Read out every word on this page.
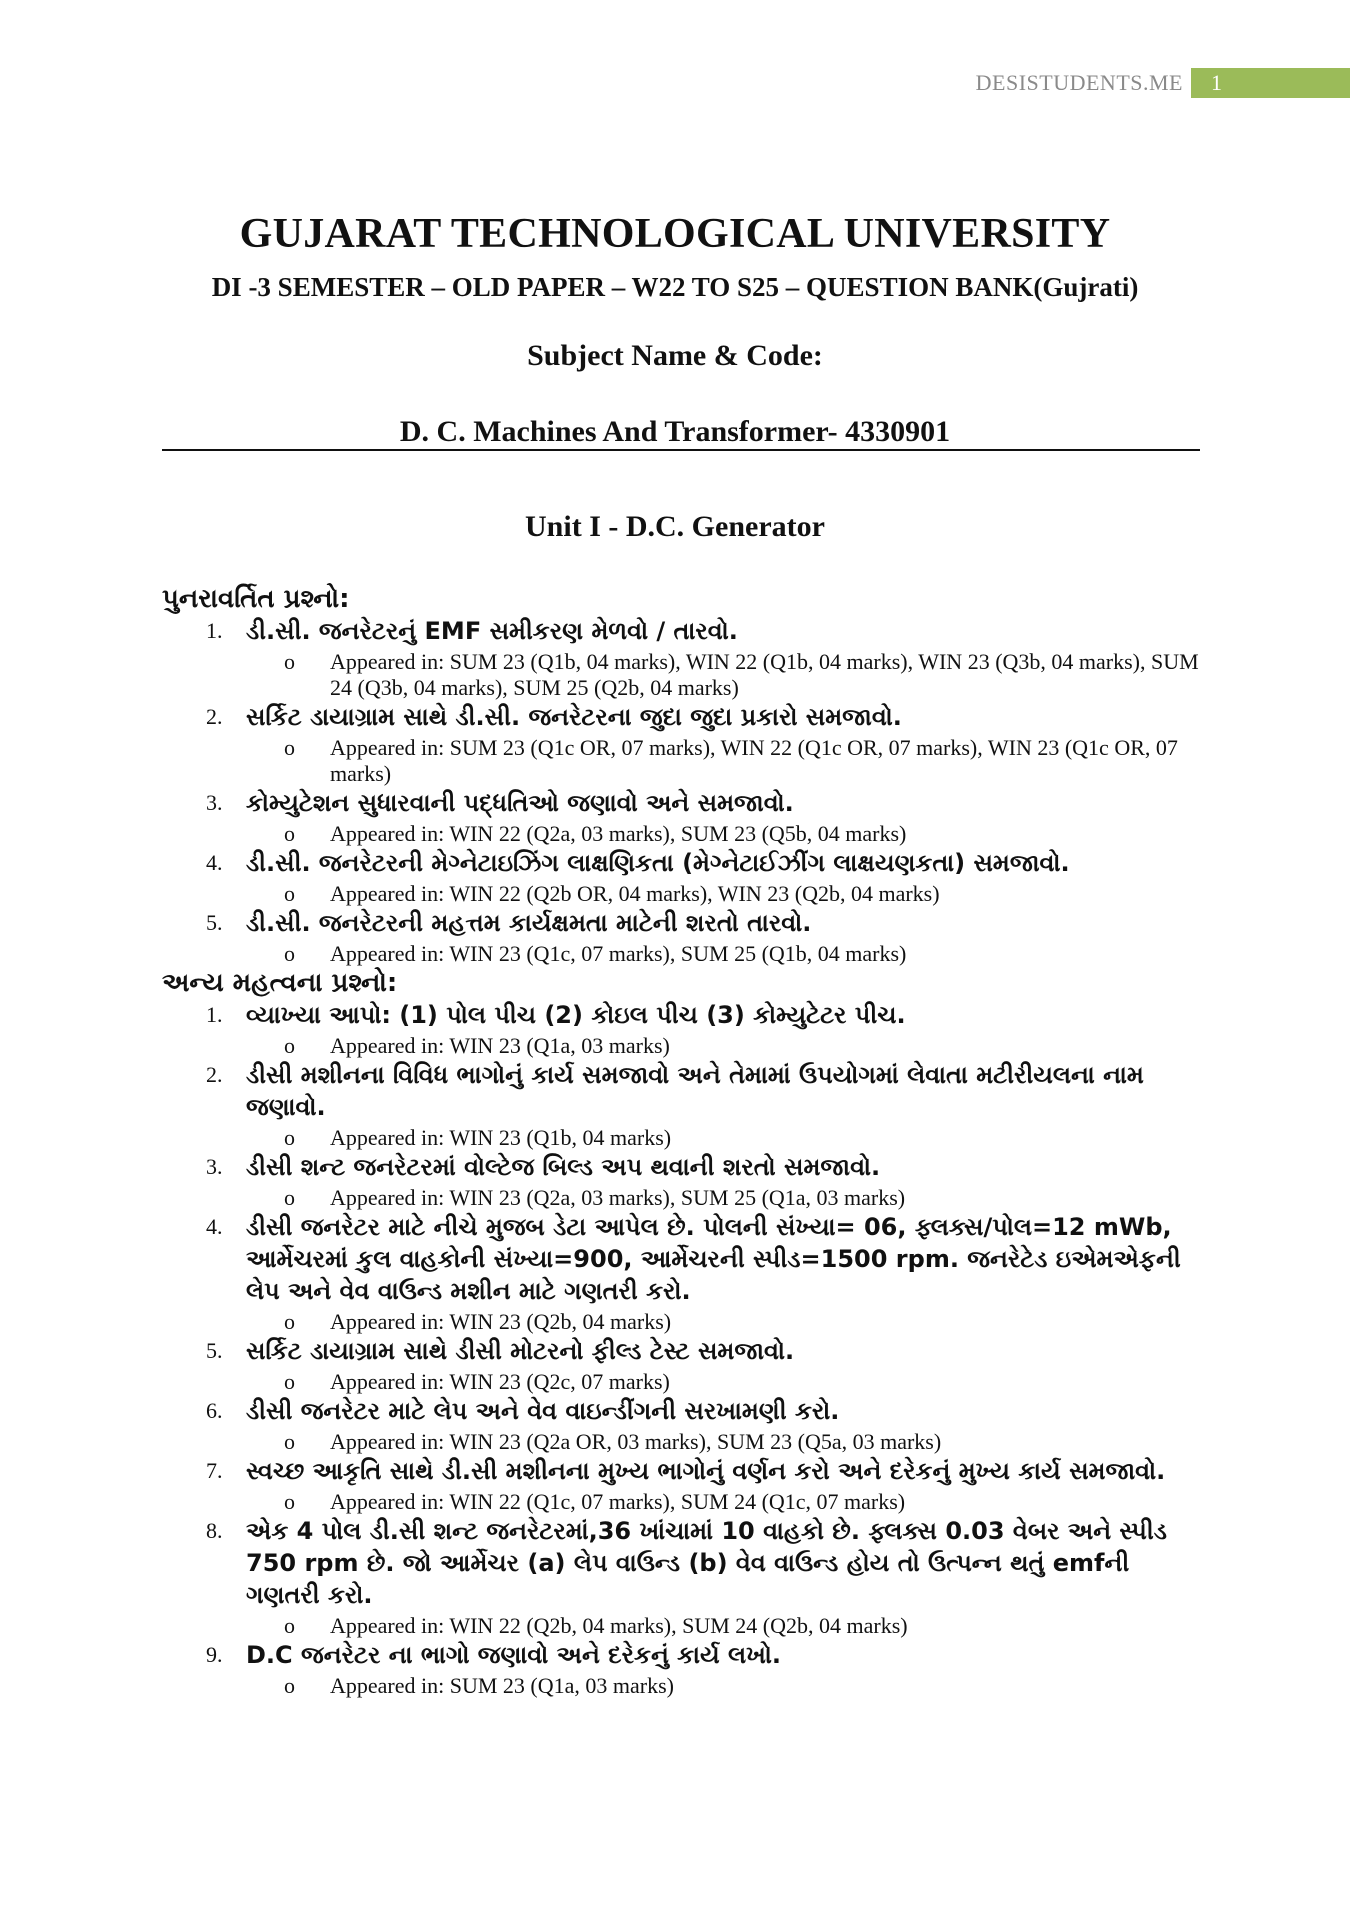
DESISTUDENTS.ME	1
GUJARAT TECHNOLOGICAL UNIVERSITY
DI -3 SEMESTER – OLD PAPER – W22 TO S25 – QUESTION BANK(Gujrati)
Subject Name & Code:
D. C. Machines And Transformer- 4330901
Unit I - D.C. Generator
પુનરાવર્તિત પ્રશ્નો:
1. ડી.સી. જનરેટરનું EMF સમીકરણ મેળવો / તારવો.
o Appeared in: SUM 23 (Q1b, 04 marks), WIN 22 (Q1b, 04 marks), WIN 23 (Q3b, 04 marks), SUM 24 (Q3b, 04 marks), SUM 25 (Q2b, 04 marks)
2. સર્કિટ ડાયાગ્રામ સાથે ડી.સી. જનરેટરના જુદા જુદા પ્રકારો સમજાવો.
o Appeared in: SUM 23 (Q1c OR, 07 marks), WIN 22 (Q1c OR, 07 marks), WIN 23 (Q1c OR, 07 marks)
3. કોમ્યુટેશન સુધારવાની પદ્ધતિઓ જણાવો અને સમજાવો.
o Appeared in: WIN 22 (Q2a, 03 marks), SUM 23 (Q5b, 04 marks)
4. ડી.સી. જનરેટરની મેગ્નેટાઇઝિંગ લાક્ષણિકતા (મેગ્નેટાઈઝીંગ લાક્ષયણકતા) સમજાવો.
o Appeared in: WIN 22 (Q2b OR, 04 marks), WIN 23 (Q2b, 04 marks)
5. ડી.સી. જનરેટરની મહત્તમ કાર્યક્ષમતા માટેની શરતો તારવો.
o Appeared in: WIN 23 (Q1c, 07 marks), SUM 25 (Q1b, 04 marks)
અન્ય મહત્વના પ્રશ્નો:
1. વ્યાખ્યા આપો: (1) પોલ પીચ (2) કોઇલ પીચ (3) કોમ્યુટેટર પીચ.
o Appeared in: WIN 23 (Q1a, 03 marks)
2. ડીસી મશીનના વિવિધ ભાગોનું કાર્ય સમજાવો અને તેમામાં ઉપયોગમાં લેવાતા મટીરીયલના નામ જણાવો.
o Appeared in: WIN 23 (Q1b, 04 marks)
3. ડીસી શન્ટ જનરેટરમાં વોલ્ટેજ બિલ્ડ અપ થવાની શરતો સમજાવો.
o Appeared in: WIN 23 (Q2a, 03 marks), SUM 25 (Q1a, 03 marks)
4. ડીસી જનરેટર માટે નીચે મુજબ ડેટા આપેલ છે. પોલની સંખ્યા= 06, ફ્લક્સ/પોલ=12 mWb, આર્મેચરમાં કુલ વાહકોની સંખ્યા=900, આર્મેચરની સ્પીડ=1500 rpm. જનરેટેડ ઇએમએફની લેપ અને વેવ વાઉન્ડ મશીન માટે ગણતરી કરો.
o Appeared in: WIN 23 (Q2b, 04 marks)
5. સર્કિટ ડાયાગ્રામ સાથે ડીસી મોટરનો ફીલ્ડ ટેસ્ટ સમજાવો.
o Appeared in: WIN 23 (Q2c, 07 marks)
6. ડીસી જનરેટર માટે લેપ અને વેવ વાઇન્ડીંગની સરખામણી કરો.
o Appeared in: WIN 23 (Q2a OR, 03 marks), SUM 23 (Q5a, 03 marks)
7. સ્વચ્છ આકૃતિ સાથે ડી.સી મશીનના મુખ્ય ભાગોનું વર્ણન કરો અને દરેકનું મુખ્ય કાર્ય સમજાવો.
o Appeared in: WIN 22 (Q1c, 07 marks), SUM 24 (Q1c, 07 marks)
8. એક 4 પોલ ડી.સી શન્ટ જનરેટરમાં,36 ખાંચામાં 10 વાહકો છે. ફ્લક્સ 0.03 વેબર અને સ્પીડ 750 rpm છે. જો આર્મેચર (a) લેપ વાઉન્ડ (b) વેવ વાઉન્ડ હોય તો ઉત્પન્ન થતું emfની ગણતરી કરો.
o Appeared in: WIN 22 (Q2b, 04 marks), SUM 24 (Q2b, 04 marks)
9. D.C જનરેટર ના ભાગો જણાવો અને દરેકનું કાર્ય લખો.
o Appeared in: SUM 23 (Q1a, 03 marks)
